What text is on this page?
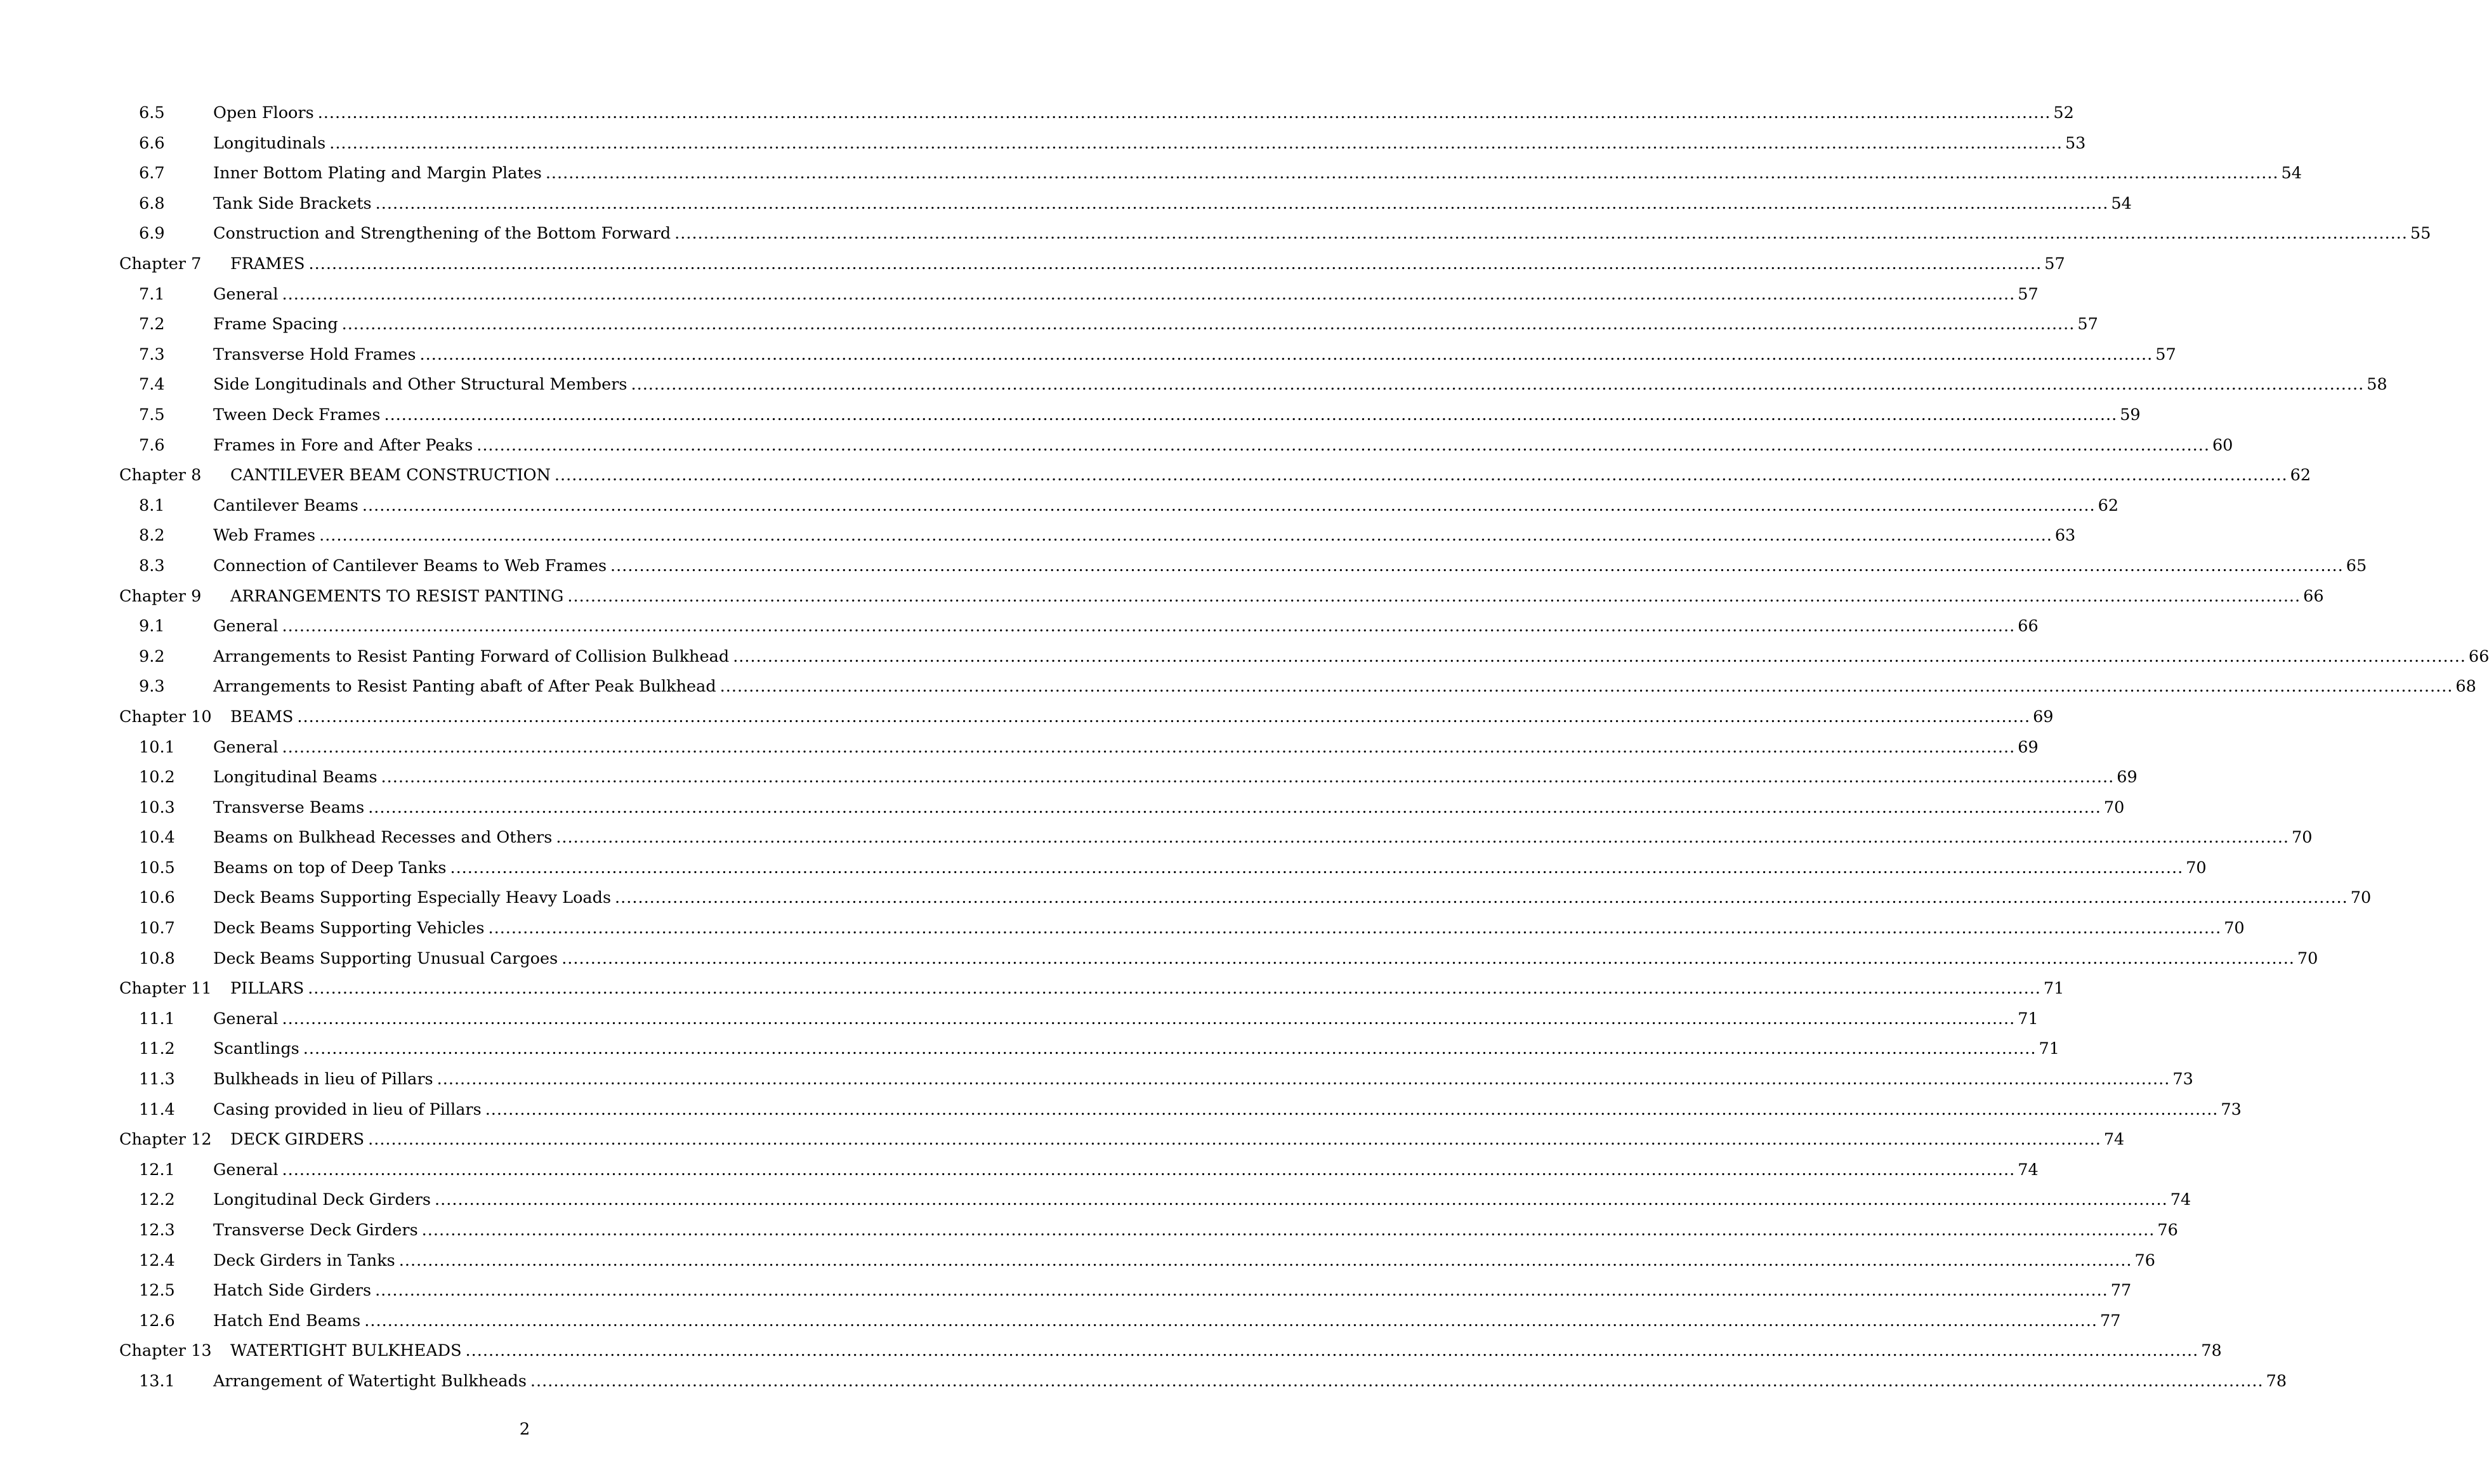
6.5	Open Floors ............................................................................................................................................................................................................................................................................................................ 52
6.6	Longitudinals ............................................................................................................................................................................................................................................................................................................ 53
6.7	Inner Bottom Plating and Margin Plates ............................................................................................................................................................................................................................................................................................................ 54
6.8	Tank Side Brackets ............................................................................................................................................................................................................................................................................................................ 54
6.9	Construction and Strengthening of the Bottom Forward ............................................................................................................................................................................................................................................................................................................ 55
Chapter 7	FRAMES ............................................................................................................................................................................................................................................................................................................ 57
7.1	General ............................................................................................................................................................................................................................................................................................................ 57
7.2	Frame Spacing ............................................................................................................................................................................................................................................................................................................ 57
7.3	Transverse Hold Frames ............................................................................................................................................................................................................................................................................................................ 57
7.4	Side Longitudinals and Other Structural Members ............................................................................................................................................................................................................................................................................................................ 58
7.5	Tween Deck Frames ............................................................................................................................................................................................................................................................................................................ 59
7.6	Frames in Fore and After Peaks ............................................................................................................................................................................................................................................................................................................ 60
Chapter 8	CANTILEVER BEAM CONSTRUCTION ............................................................................................................................................................................................................................................................................................................ 62
8.1	Cantilever Beams ............................................................................................................................................................................................................................................................................................................ 62
8.2	Web Frames ............................................................................................................................................................................................................................................................................................................ 63
8.3	Connection of Cantilever Beams to Web Frames ............................................................................................................................................................................................................................................................................................................ 65
Chapter 9	ARRANGEMENTS TO RESIST PANTING ............................................................................................................................................................................................................................................................................................................ 66
9.1	General ............................................................................................................................................................................................................................................................................................................ 66
9.2	Arrangements to Resist Panting Forward of Collision Bulkhead ............................................................................................................................................................................................................................................................................................................ 66
9.3	Arrangements to Resist Panting abaft of After Peak Bulkhead ............................................................................................................................................................................................................................................................................................................ 68
Chapter 10	BEAMS ............................................................................................................................................................................................................................................................................................................ 69
10.1	General ............................................................................................................................................................................................................................................................................................................ 69
10.2	Longitudinal Beams ............................................................................................................................................................................................................................................................................................................ 69
10.3	Transverse Beams ............................................................................................................................................................................................................................................................................................................ 70
10.4	Beams on Bulkhead Recesses and Others ............................................................................................................................................................................................................................................................................................................ 70
10.5	Beams on top of Deep Tanks ............................................................................................................................................................................................................................................................................................................ 70
10.6	Deck Beams Supporting Especially Heavy Loads ............................................................................................................................................................................................................................................................................................................ 70
10.7	Deck Beams Supporting Vehicles ............................................................................................................................................................................................................................................................................................................ 70
10.8	Deck Beams Supporting Unusual Cargoes ............................................................................................................................................................................................................................................................................................................ 70
Chapter 11	PILLARS ............................................................................................................................................................................................................................................................................................................ 71
11.1	General ............................................................................................................................................................................................................................................................................................................ 71
11.2	Scantlings ............................................................................................................................................................................................................................................................................................................ 71
11.3	Bulkheads in lieu of Pillars ............................................................................................................................................................................................................................................................................................................ 73
11.4	Casing provided in lieu of Pillars ............................................................................................................................................................................................................................................................................................................ 73
Chapter 12	DECK GIRDERS ............................................................................................................................................................................................................................................................................................................ 74
12.1	General ............................................................................................................................................................................................................................................................................................................ 74
12.2	Longitudinal Deck Girders ............................................................................................................................................................................................................................................................................................................ 74
12.3	Transverse Deck Girders ............................................................................................................................................................................................................................................................................................................ 76
12.4	Deck Girders in Tanks ............................................................................................................................................................................................................................................................................................................ 76
12.5	Hatch Side Girders ............................................................................................................................................................................................................................................................................................................ 77
12.6	Hatch End Beams ............................................................................................................................................................................................................................................................................................................ 77
Chapter 13	WATERTIGHT BULKHEADS ............................................................................................................................................................................................................................................................................................................ 78
13.1	Arrangement of Watertight Bulkheads ............................................................................................................................................................................................................................................................................................................ 78
2
